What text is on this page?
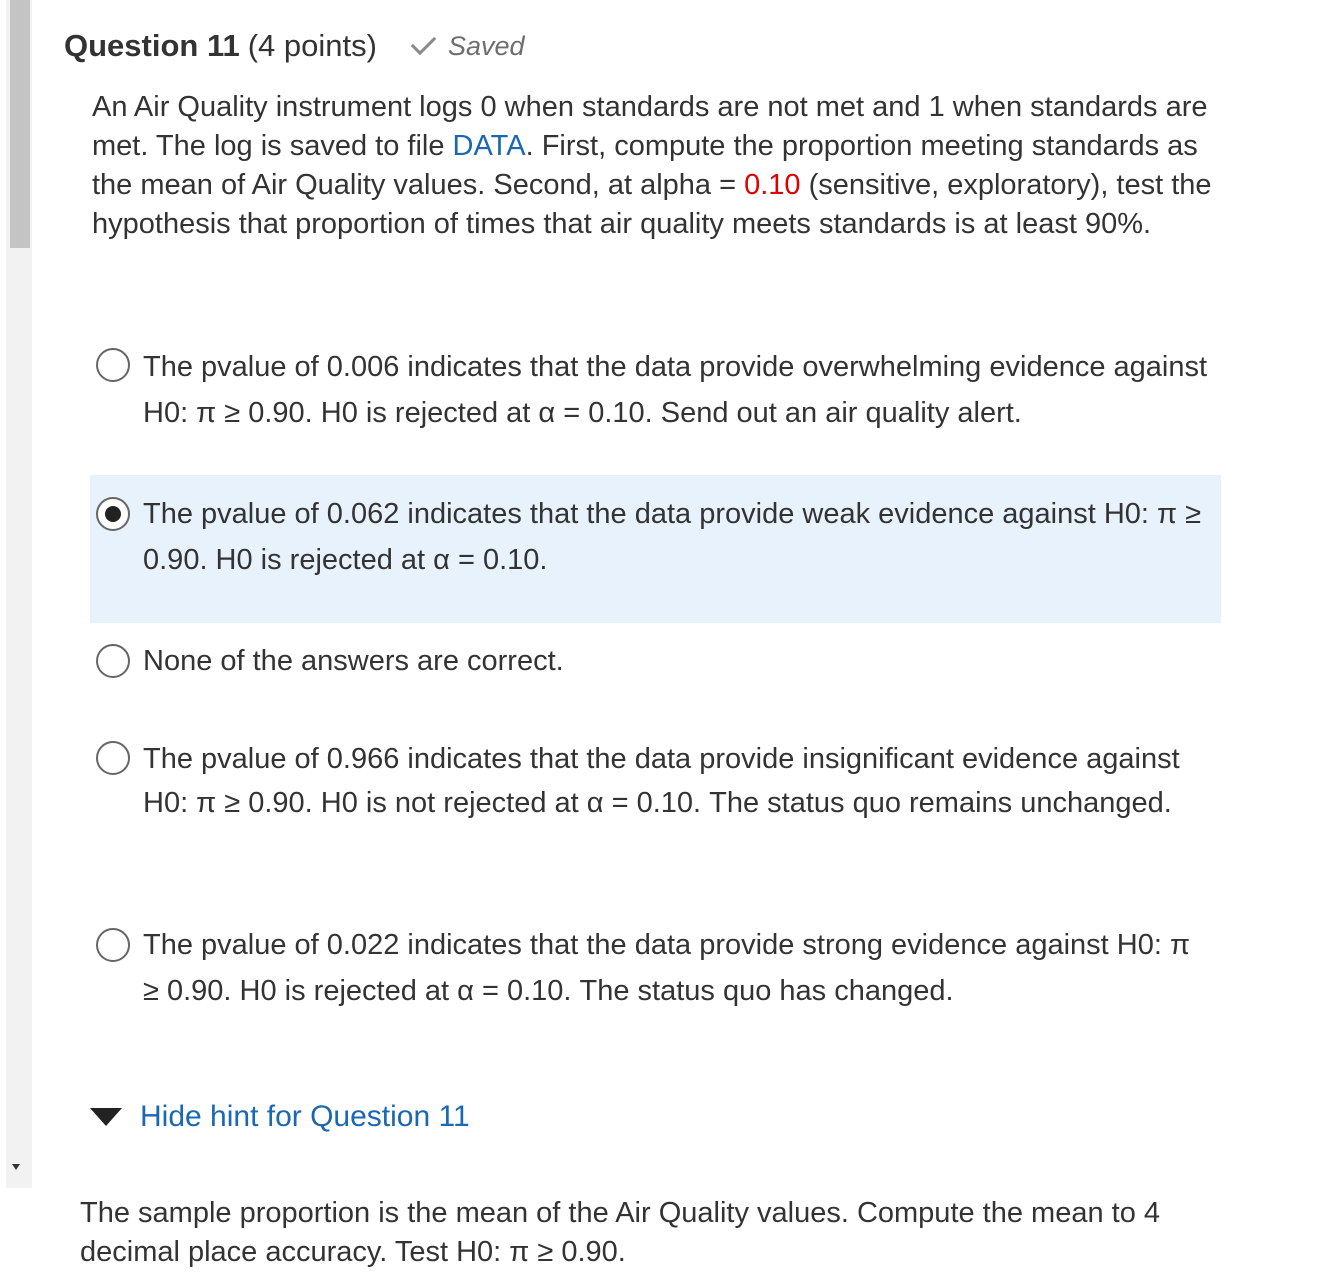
Question 11 (4 points)	Saved
An Air Quality instrument logs 0 when standards are not met and 1 when standards are met. The log is saved to file DATA. First, compute the proportion meeting standards as the mean of Air Quality values. Second, at alpha = 0.10 (sensitive, exploratory), test the hypothesis that proportion of times that air quality meets standards is at least 90%.
The pvalue of 0.006 indicates that the data provide overwhelming evidence against H0: π ≥ 0.90. H0 is rejected at α = 0.10. Send out an air quality alert.
The pvalue of 0.062 indicates that the data provide weak evidence against H0: π ≥ 0.90. H0 is rejected at α = 0.10.
None of the answers are correct.
The pvalue of 0.966 indicates that the data provide insignificant evidence against H0: π ≥ 0.90. H0 is not rejected at α = 0.10. The status quo remains unchanged.
The pvalue of 0.022 indicates that the data provide strong evidence against H0: π ≥ 0.90. H0 is rejected at α = 0.10. The status quo has changed.
Hide hint for Question 11
The sample proportion is the mean of the Air Quality values. Compute the mean to 4 decimal place accuracy. Test H0: π ≥ 0.90.
